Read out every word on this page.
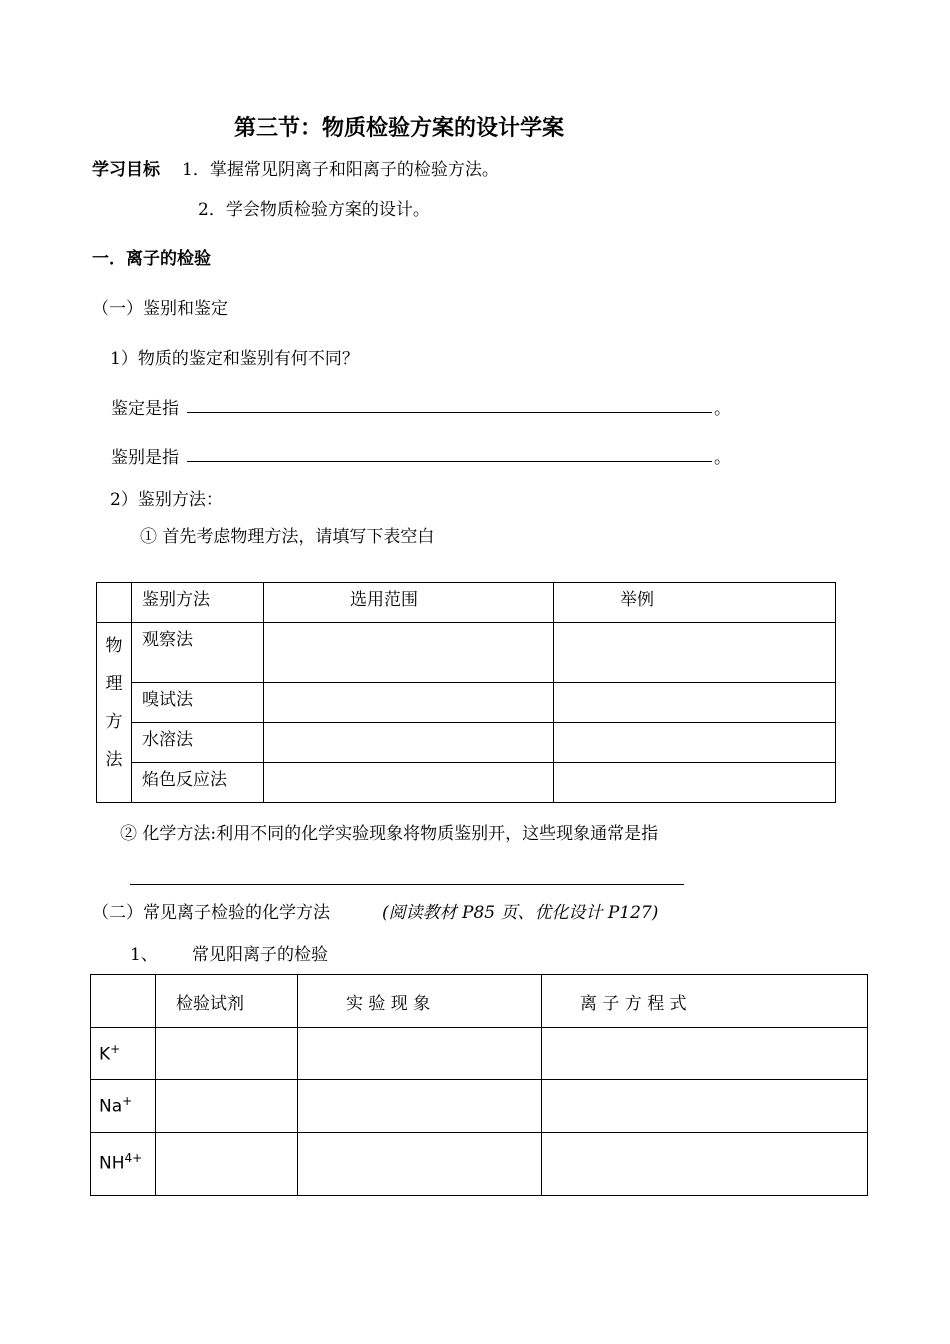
第三节：物质检验方案的设计学案
学习目标 1．掌握常见阴离子和阳离子的检验方法。
2．学会物质检验方案的设计。
一．离子的检验
（一）鉴别和鉴定
1）物质的鉴定和鉴别有何不同？
鉴定是指	。
鉴别是指	。
2）鉴别方法：
① 首先考虑物理方法，请填写下表空白

	鉴别方法	选用范围	举例

物
理
方
法	观察法		

	嗅试法		

	水溶法		

	焰色反应法		

② 化学方法:利用不同的化学实验现象将物质鉴别开，这些现象通常是指
（二）常见离子检验的化学方法	(阅读教材 P85 页、优化设计 P127)
1、 常见阳离子的检验

	检验试剂	实 验 现 象	离 子 方 程 式

K+

Na+

$NH^{4+}$
